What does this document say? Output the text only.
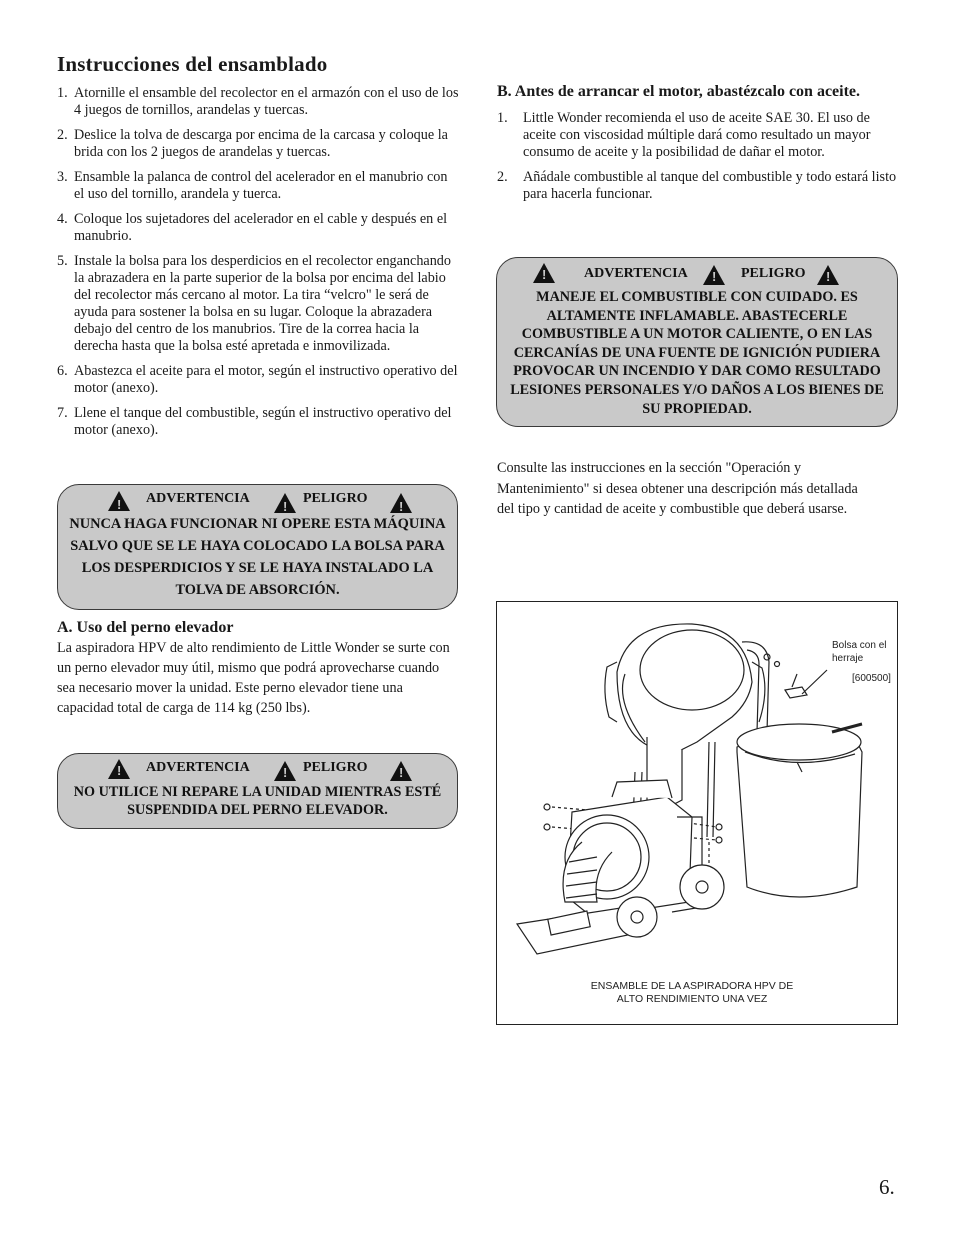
Instrucciones del ensamblado
1. Atornille el ensamble del recolector en el armazón con el uso de los 4 juegos de tornillos, arandelas y tuercas.
2. Deslice la tolva de descarga por encima de la carcasa y coloque la brida con los 2 juegos de arandelas y tuercas.
3. Ensamble la palanca de control del acelerador en el manubrio con el uso del tornillo, arandela y tuerca.
4. Coloque los sujetadores del acelerador en el cable y después en el manubrio.
5. Instale la bolsa para los desperdicios en el recolector enganchando la abrazadera en la parte superior de la bolsa por encima del labio del recolector más cercano al motor. La tira “velcro" le será de ayuda para sostener la bolsa en su lugar. Coloque la abrazadera debajo del centro de los manubrios. Tire de la correa hacia la derecha hasta que la bolsa esté apretada e inmovilizada.
6. Abastezca el aceite para el motor, según el instructivo operativo del motor (anexo).
7. Llene el tanque del combustible, según el instructivo operativo del motor (anexo).
!
ADVERTENCIA !	PELIGRO
!
NUNCA HAGA FUNCIONAR NI OPERE ESTA MÁQUINA SALVO QUE SE LE HAYA COLOCADO LA BOLSA PARA LOS DESPERDICIOS Y SE LE HAYA INSTALADO LA TOLVA DE ABSORCIÓN.
A. Uso del perno elevador

La aspiradora HPV de alto rendimiento de Little Wonder se surte con un perno elevador muy útil, mismo que podrá aprovecharse cuando sea necesario mover la unidad. Este perno elevador tiene una capacidad total de carga de 114 kg (250 lbs).

!
ADVERTENCIA !	PELIGRO
!
NO UTILICE NI REPARE LA UNIDAD MIENTRAS ESTÉ SUSPENDIDA DEL PERNO ELEVADOR.
B. Antes de arrancar el motor, abastézcalo con aceite.
1. Little Wonder recomienda el uso de aceite SAE 30. El uso de aceite con viscosidad múltiple dará como resultado un mayor consumo de aceite y la posibilidad de dañar el motor.
2. Añádale combustible al tanque del combustible y todo estará listo para hacerla funcionar.
!
ADVERTENCIA !	PELIGRO
!
MANEJE EL COMBUSTIBLE CON CUIDADO. ES ALTAMENTE INFLAMABLE. ABASTECERLE COMBUSTIBLE A UN MOTOR CALIENTE, O EN LAS CERCANÍAS DE UNA FUENTE DE IGNICIÓN PUDIERA PROVOCAR UN INCENDIO Y DAR COMO RESULTADO LESIONES PERSONALES Y/O DAÑOS A LOS BIENES DE SU PROPIEDAD.

Consulte las instrucciones en la sección "Operación y Mantenimiento" si desea obtener una descripción más detallada del tipo y cantidad de aceite y combustible que deberá usarse.

Bolsa con el
herraje
[600500]
ENSAMBLE DE LA ASPIRADORA HPV DE
ALTO RENDIMIENTO UNA VEZ
6.
